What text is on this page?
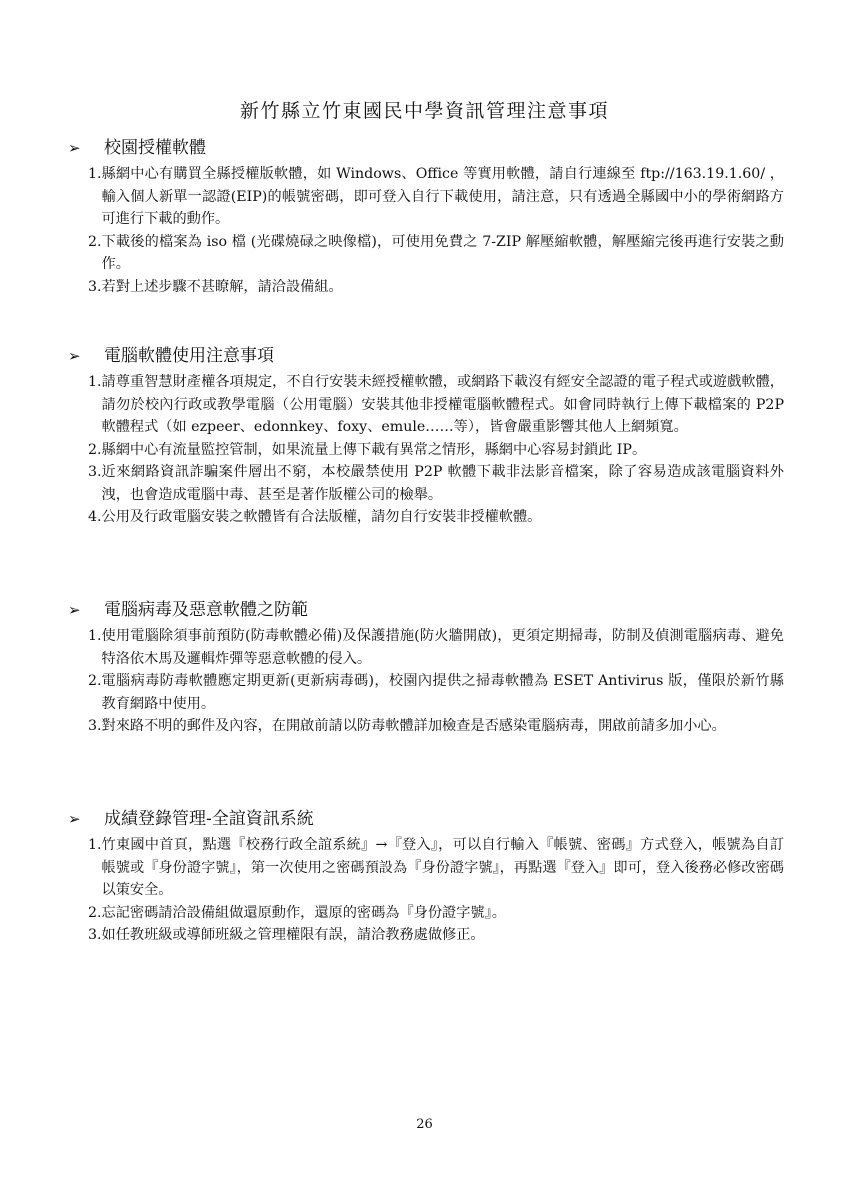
新竹縣立竹東國民中學資訊管理注意事項
➢ 校園授權軟體
1. 縣網中心有購買全縣授權版軟體，如 Windows、Office 等實用軟體，請自行連線至 ftp://163.19.1.60/ ，輸入個人新單一認證(EIP)的帳號密碼，即可登入自行下載使用，請注意，只有透過全縣國中小的學術網路方可進行下載的動作。
2. 下載後的檔案為 iso 檔 (光碟燒碌之映像檔)，可使用免費之 7-ZIP 解壓縮軟體，解壓縮完後再進行安裝之動作。
3. 若對上述步驟不甚瞭解，請洽設備組。
➢ 電腦軟體使用注意事項
1. 請尊重智慧財產權各項規定，不自行安裝未經授權軟體，或網路下載沒有經安全認證的電子程式或遊戲軟體，請勿於校內行政或教學電腦（公用電腦）安裝其他非授權電腦軟體程式。如會同時執行上傳下載檔案的 P2P 軟體程式（如 ezpeer、edonnkey、foxy、emule……等），皆會嚴重影響其他人上網頻寬。
2. 縣網中心有流量監控管制，如果流量上傳下載有異常之情形，縣網中心容易封鎖此 IP。
3. 近來網路資訊詐騙案件層出不窮，本校嚴禁使用 P2P 軟體下載非法影音檔案，除了容易造成該電腦資料外洩，也會造成電腦中毒、甚至是著作版權公司的檢舉。
4. 公用及行政電腦安裝之軟體皆有合法版權，請勿自行安裝非授權軟體。
➢ 電腦病毒及惡意軟體之防範
1. 使用電腦除須事前預防(防毒軟體必備)及保護措施(防火牆開啟)，更須定期掃毒，防制及偵測電腦病毒、避免特洛依木馬及邏輯炸彈等惡意軟體的侵入。
2. 電腦病毒防毒軟體應定期更新(更新病毒碼)，校園內提供之掃毒軟體為 ESET Antivirus 版，僅限於新竹縣教育網路中使用。
3. 對來路不明的郵件及內容，在開啟前請以防毒軟體詳加檢查是否感染電腦病毒，開啟前請多加小心。
➢ 成績登錄管理-全誼資訊系統
1. 竹東國中首頁，點選『校務行政全誼系統』→『登入』，可以自行輸入『帳號、密碼』方式登入，帳號為自訂帳號或『身份證字號』，第一次使用之密碼預設為『身份證字號』，再點選『登入』即可，登入後務必修改密碼以策安全。
2. 忘記密碼請洽設備組做還原動作，還原的密碼為『身份證字號』。
3. 如任教班級或導師班級之管理權限有誤，請洽教務處做修正。
26
